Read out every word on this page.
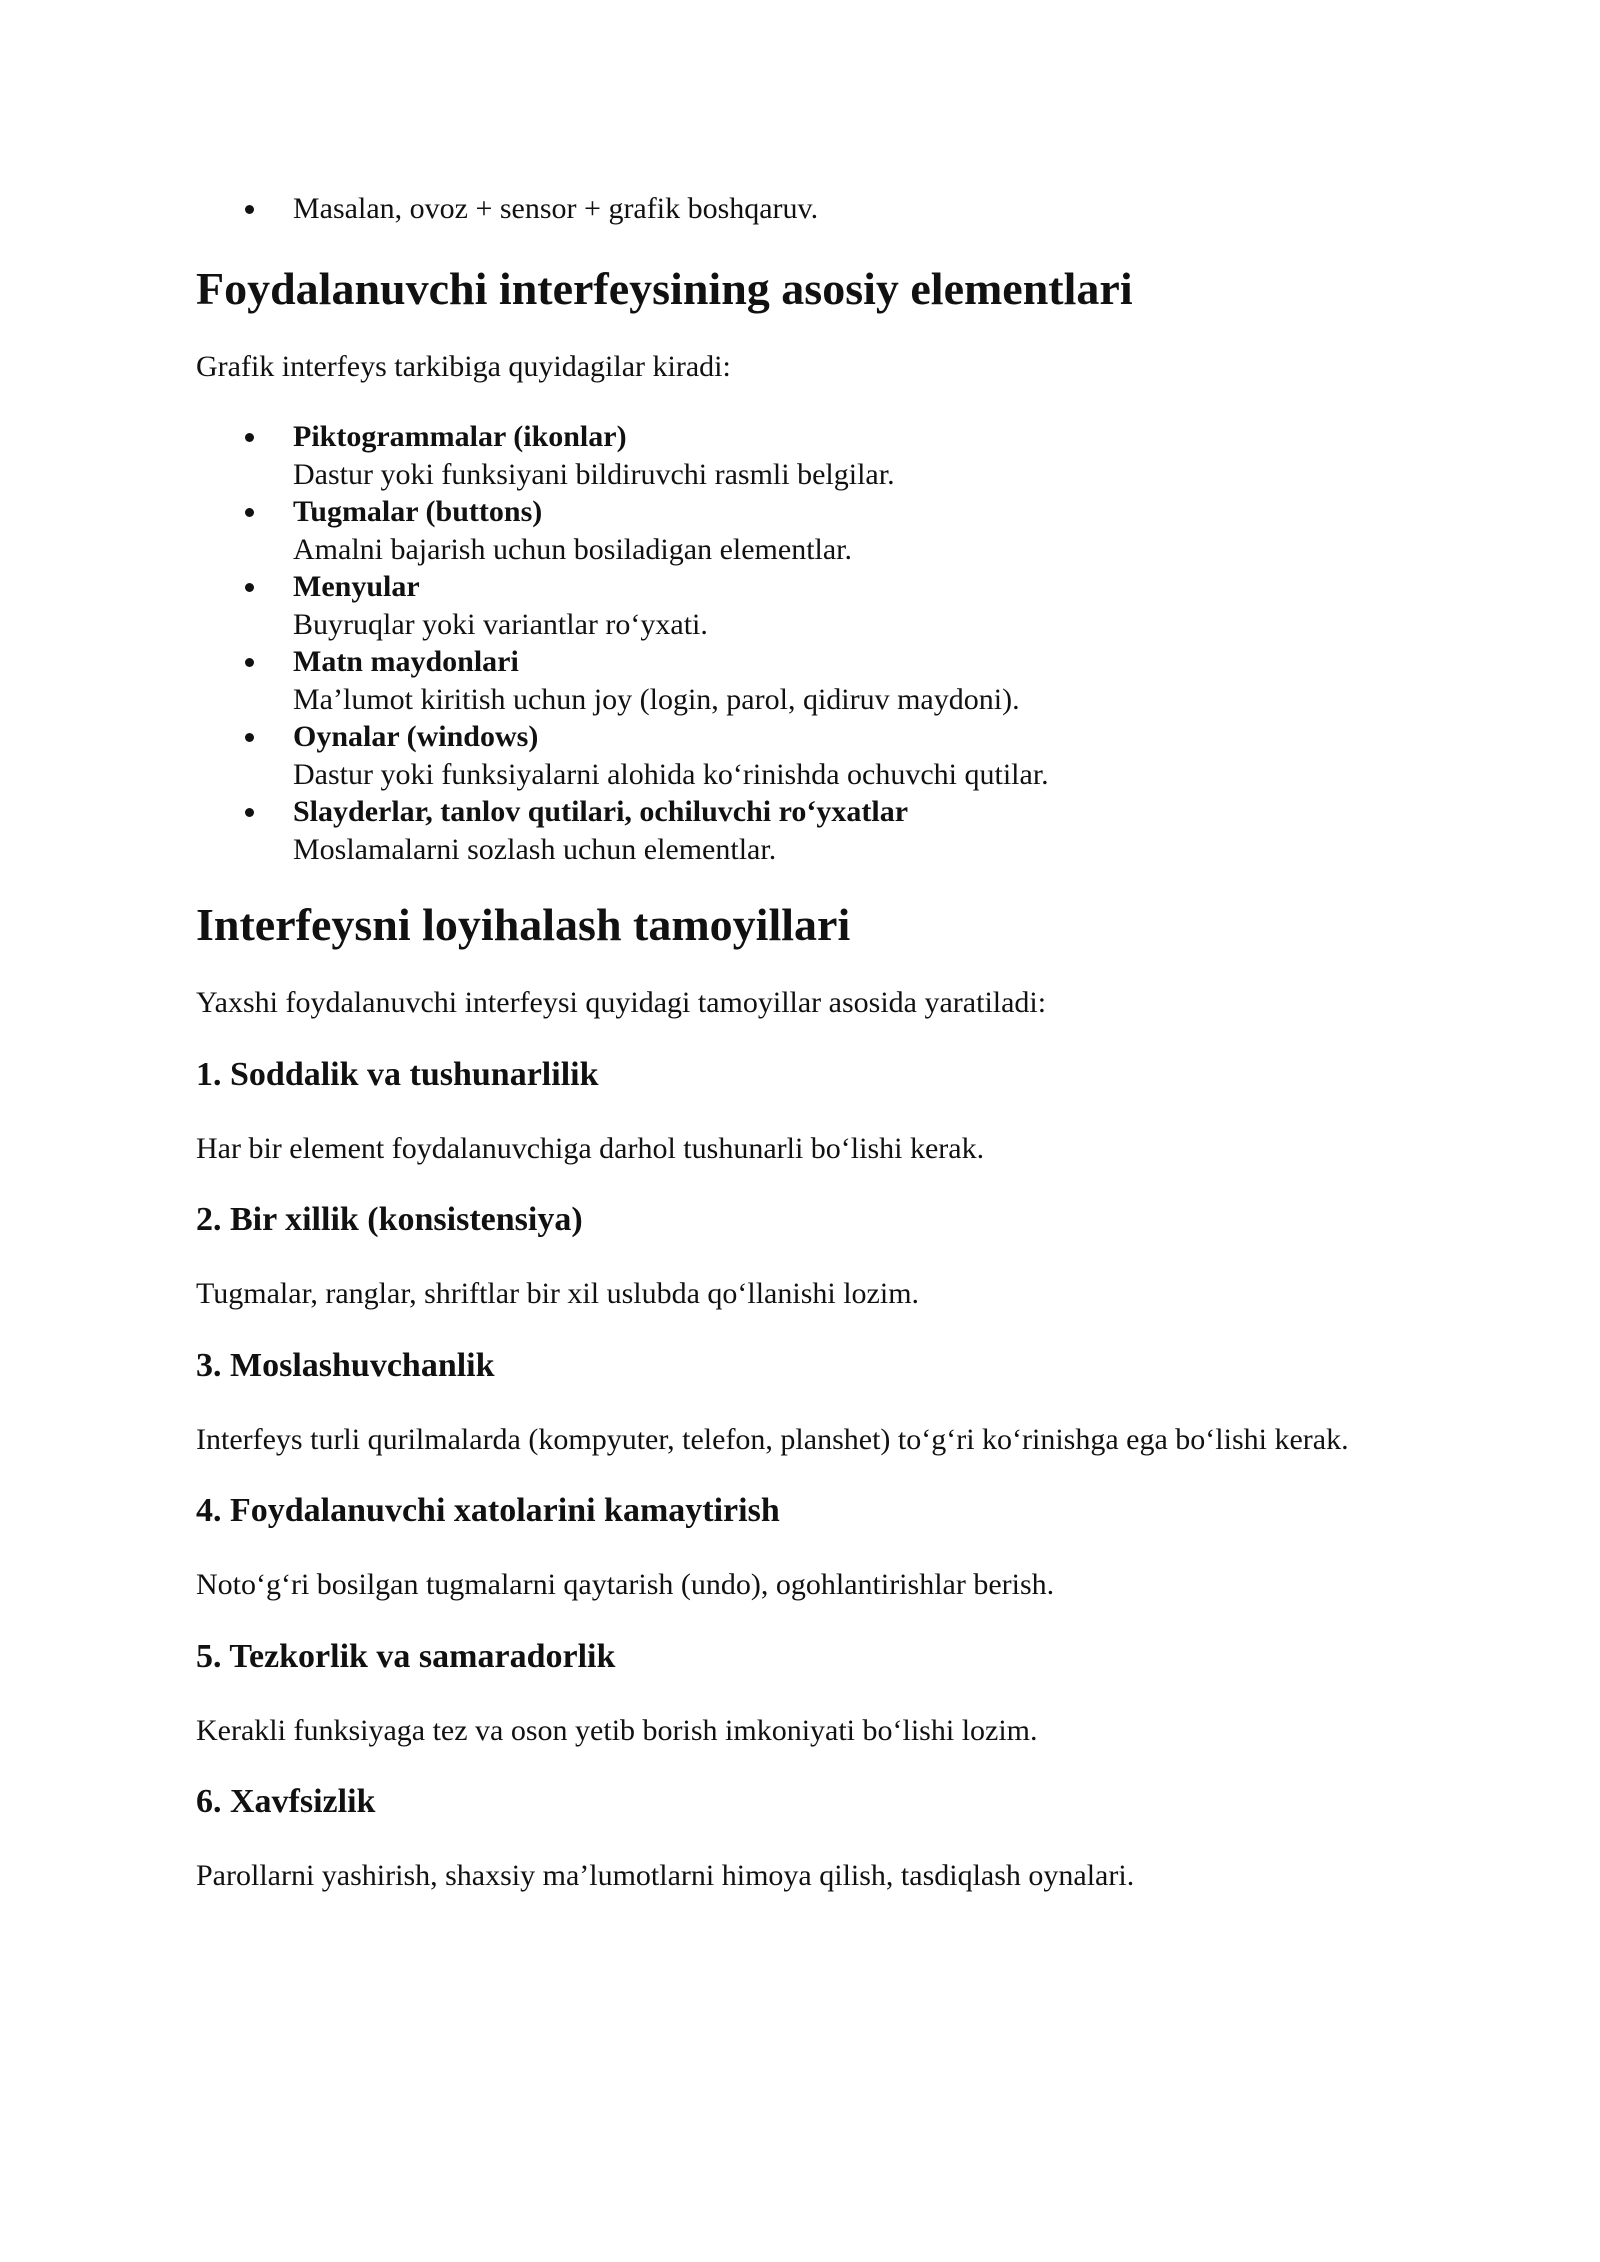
Masalan, ovoz + sensor + grafik boshqaruv.
Foydalanuvchi interfeysining asosiy elementlari

Grafik interfeys tarkibiga quyidagilar kiradi:

Piktogrammalar (ikonlar)
Dastur yoki funksiyani bildiruvchi rasmli belgilar.
Tugmalar (buttons)
Amalni bajarish uchun bosiladigan elementlar.
Menyular
Buyruqlar yoki variantlar ro‘yxati.
Matn maydonlari
Ma’lumot kiritish uchun joy (login, parol, qidiruv maydoni).
Oynalar (windows)
Dastur yoki funksiyalarni alohida ko‘rinishda ochuvchi qutilar.
Slayderlar, tanlov qutilari, ochiluvchi ro‘yxatlar
Moslamalarni sozlash uchun elementlar.
Interfeysni loyihalash tamoyillari

Yaxshi foydalanuvchi interfeysi quyidagi tamoyillar asosida yaratiladi:

1. Soddalik va tushunarlilik

Har bir element foydalanuvchiga darhol tushunarli bo‘lishi kerak.

2. Bir xillik (konsistensiya)

Tugmalar, ranglar, shriftlar bir xil uslubda qo‘llanishi lozim.

3. Moslashuvchanlik

Interfeys turli qurilmalarda (kompyuter, telefon, planshet) to‘g‘ri ko‘rinishga ega bo‘lishi kerak.

4. Foydalanuvchi xatolarini kamaytirish

Noto‘g‘ri bosilgan tugmalarni qaytarish (undo), ogohlantirishlar berish.

5. Tezkorlik va samaradorlik

Kerakli funksiyaga tez va oson yetib borish imkoniyati bo‘lishi lozim.

6. Xavfsizlik

Parollarni yashirish, shaxsiy ma’lumotlarni himoya qilish, tasdiqlash oynalari.
